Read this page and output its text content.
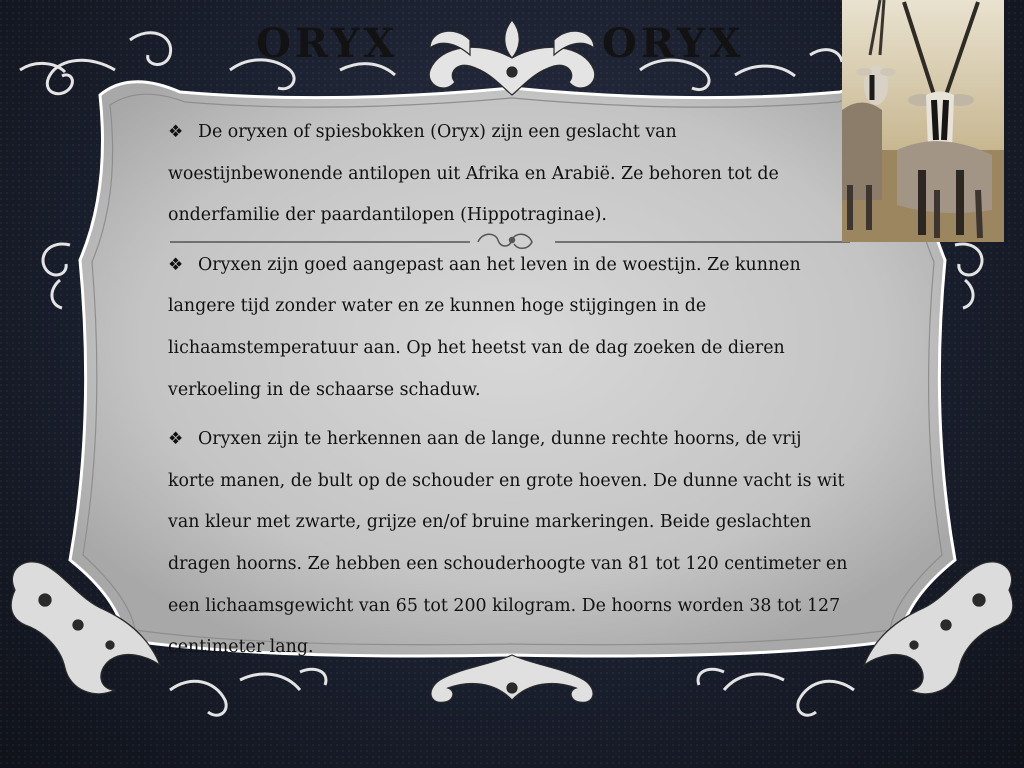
ORYX	ORYX

❖ De oryxen of spiesbokken (Oryx) zijn een geslacht van woestijnbewonende antilopen uit Afrika en Arabië. Ze behoren tot de onderfamilie der paardantilopen (Hippotraginae).

❖ Oryxen zijn goed aangepast aan het leven in de woestijn. Ze kunnen langere tijd zonder water en ze kunnen hoge stijgingen in de lichaamstemperatuur aan. Op het heetst van de dag zoeken de dieren verkoeling in de schaarse schaduw.

❖ Oryxen zijn te herkennen aan de lange, dunne rechte hoorns, de vrij korte manen, de bult op de schouder en grote hoeven. De dunne vacht is wit van kleur met zwarte, grijze en/of bruine markeringen. Beide geslachten dragen hoorns. Ze hebben een schouderhoogte van 81 tot 120 centimeter en een lichaamsgewicht van 65 tot 200 kilogram. De hoorns worden 38 tot 127 centimeter lang.
